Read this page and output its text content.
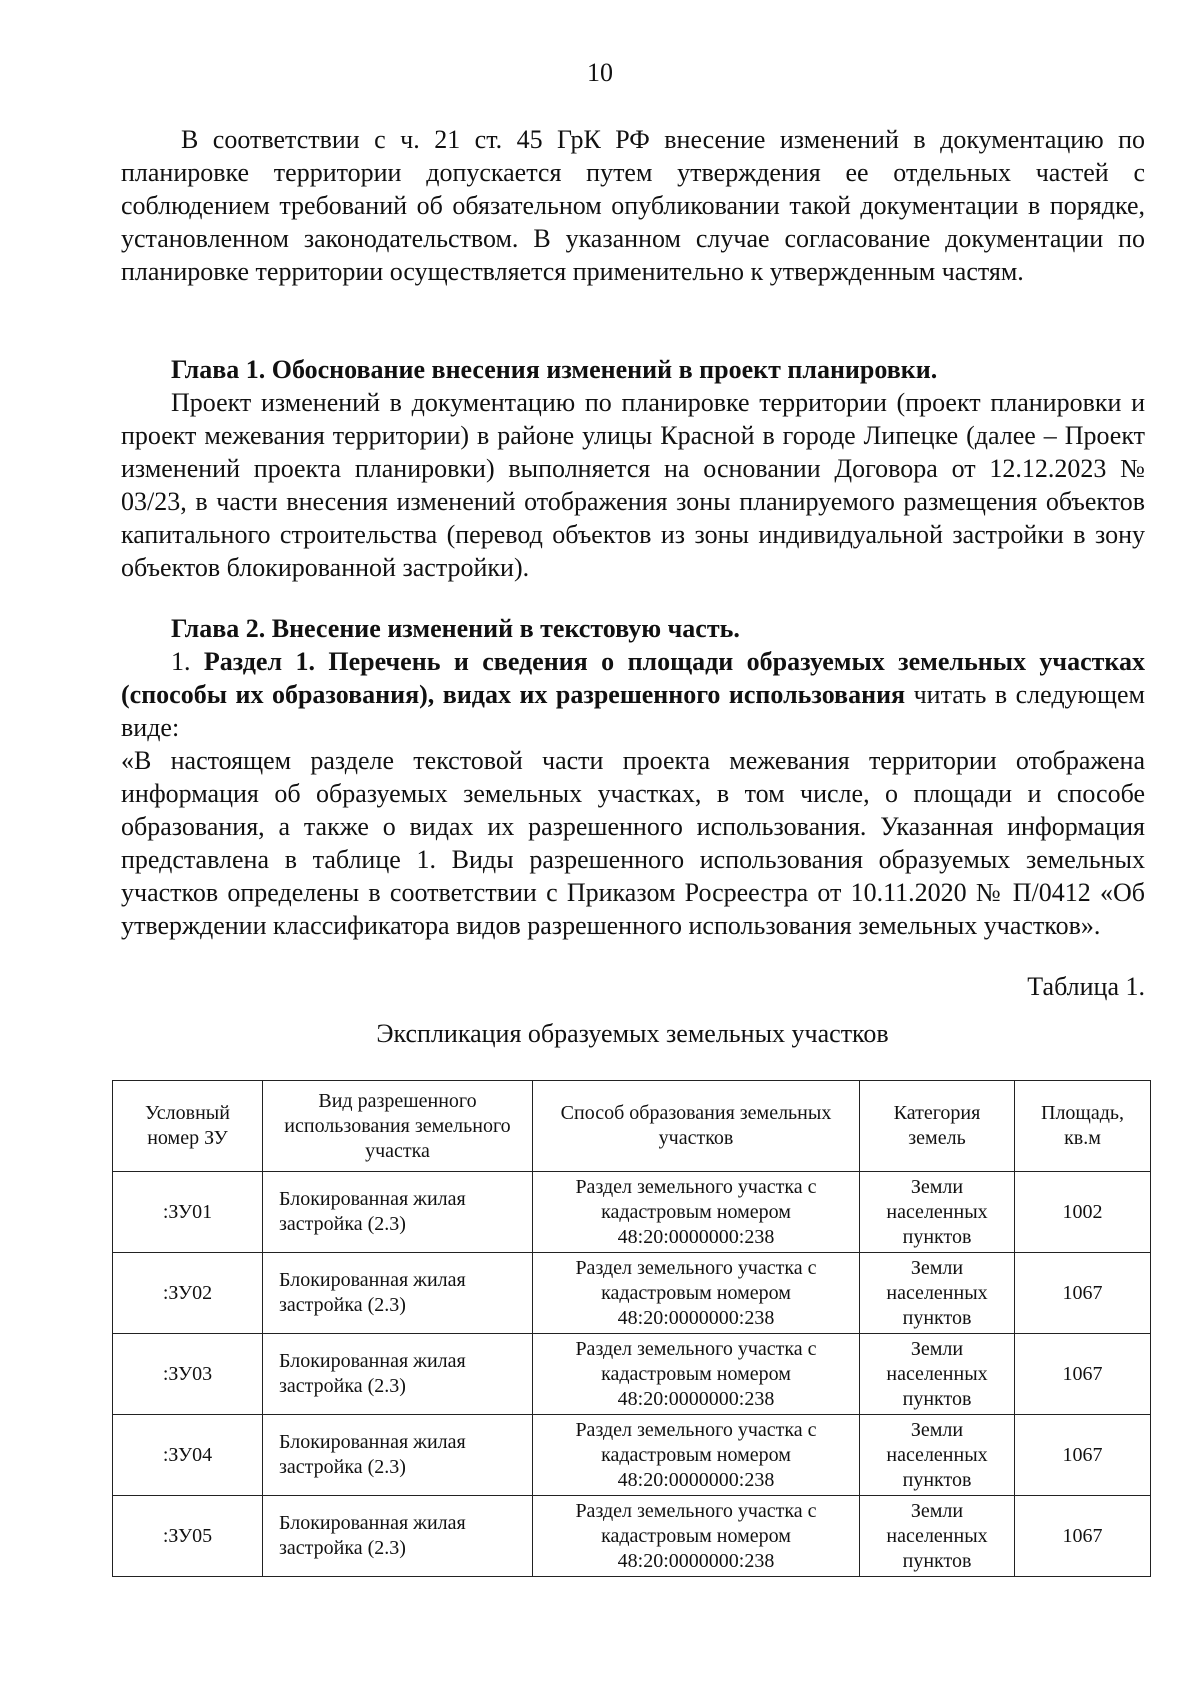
10

В соответствии с ч. 21 ст. 45 ГрК РФ внесение изменений в документацию по планировке территории допускается путем утверждения ее отдельных частей с соблюдением требований об обязательном опубликовании такой документации в порядке, установленном законодательством. В указанном случае согласование документации по планировке территории осуществляется применительно к утвержденным частям.

Глава 1. Обоснование внесения изменений в проект планировки.

Проект изменений в документацию по планировке территории (проект планировки и проект межевания территории) в районе улицы Красной в городе Липецке (далее – Проект изменений проекта планировки) выполняется на основании Договора от 12.12.2023 № 03/23, в части внесения изменений отображения зоны планируемого размещения объектов капитального строительства (перевод объектов из зоны индивидуальной застройки в зону объектов блокированной застройки).

Глава 2. Внесение изменений в текстовую часть.

1. Раздел 1. Перечень и сведения о площади образуемых земельных участках (способы их образования), видах их разрешенного использования читать в следующем виде:

«В настоящем разделе текстовой части проекта межевания территории отображена информация об образуемых земельных участках, в том числе, о площади и способе образования, а также о видах их разрешенного использования. Указанная информация представлена в таблице 1. Виды разрешенного использования образуемых земельных участков определены в соответствии с Приказом Росреестра от 10.11.2020 № П/0412 «Об утверждении классификатора видов разрешенного использования земельных участков».

Таблица 1.
Экспликация образуемых земельных участков
Условный номер ЗУ	Вид разрешенного использования земельного участка	Способ образования земельных участков	Категория земель	Площадь, кв.м
:ЗУ01	Блокированная жилая застройка (2.3)	Раздел земельного участка с кадастровым номером 48:20:0000000:238	Земли населенных пунктов	1002
:ЗУ02	Блокированная жилая застройка (2.3)	Раздел земельного участка с кадастровым номером 48:20:0000000:238	Земли населенных пунктов	1067
:ЗУ03	Блокированная жилая застройка (2.3)	Раздел земельного участка с кадастровым номером 48:20:0000000:238	Земли населенных пунктов	1067
:ЗУ04	Блокированная жилая застройка (2.3)	Раздел земельного участка с кадастровым номером 48:20:0000000:238	Земли населенных пунктов	1067
:ЗУ05	Блокированная жилая застройка (2.3)	Раздел земельного участка с кадастровым номером 48:20:0000000:238	Земли населенных пунктов	1067
